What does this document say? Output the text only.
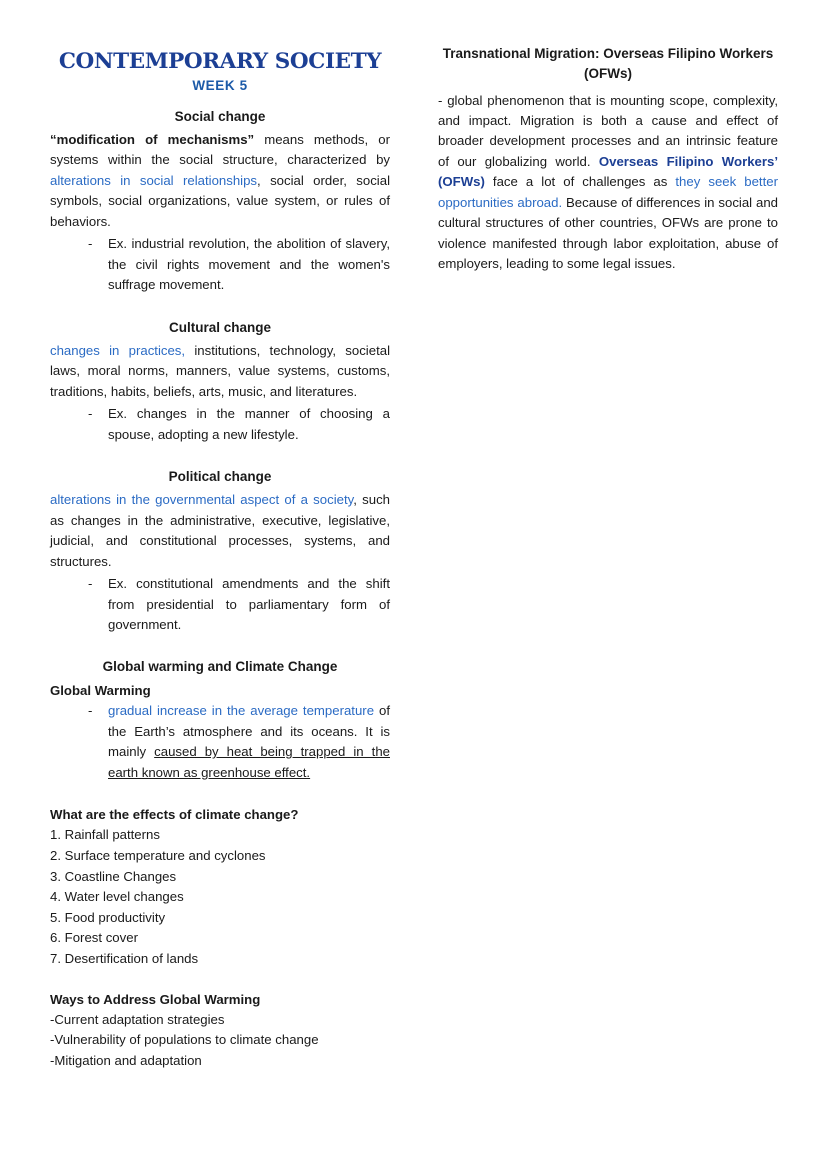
CONTEMPORARY SOCIETY
WEEK 5
Social change

“modification of mechanisms” means methods, or systems within the social structure, characterized by alterations in social relationships, social order, social symbols, social organizations, value system, or rules of behaviors.

- Ex. industrial revolution, the abolition of slavery, the civil rights movement and the women's suffrage movement.
Cultural change

changes in practices, institutions, technology, societal laws, moral norms, manners, value systems, customs, traditions, habits, beliefs, arts, music, and literatures.

- Ex. changes in the manner of choosing a spouse, adopting a new lifestyle.
Political change

alterations in the governmental aspect of a society, such as changes in the administrative, executive, legislative, judicial, and constitutional processes, systems, and structures.

- Ex. constitutional amendments and the shift from presidential to parliamentary form of government.
Global warming and Climate Change
Global Warming
- gradual increase in the average temperature of the Earth’s atmosphere and its oceans. It is mainly caused by heat being trapped in the earth known as greenhouse effect.
What are the effects of climate change?
Rainfall patterns
Surface temperature and cyclones
Coastline Changes
Water level changes
Food productivity
Forest cover
Desertification of lands
Ways to Address Global Warming
-Current adaptation strategies
-Vulnerability of populations to climate change
-Mitigation and adaptation
Transnational Migration: Overseas Filipino Workers (OFWs)

- global phenomenon that is mounting scope, complexity, and impact. Migration is both a cause and effect of broader development processes and an intrinsic feature of our globalizing world. Overseas Filipino Workers’ (OFWs) face a lot of challenges as they seek better opportunities abroad. Because of differences in social and cultural structures of other countries, OFWs are prone to violence manifested through labor exploitation, abuse of employers, leading to some legal issues.
